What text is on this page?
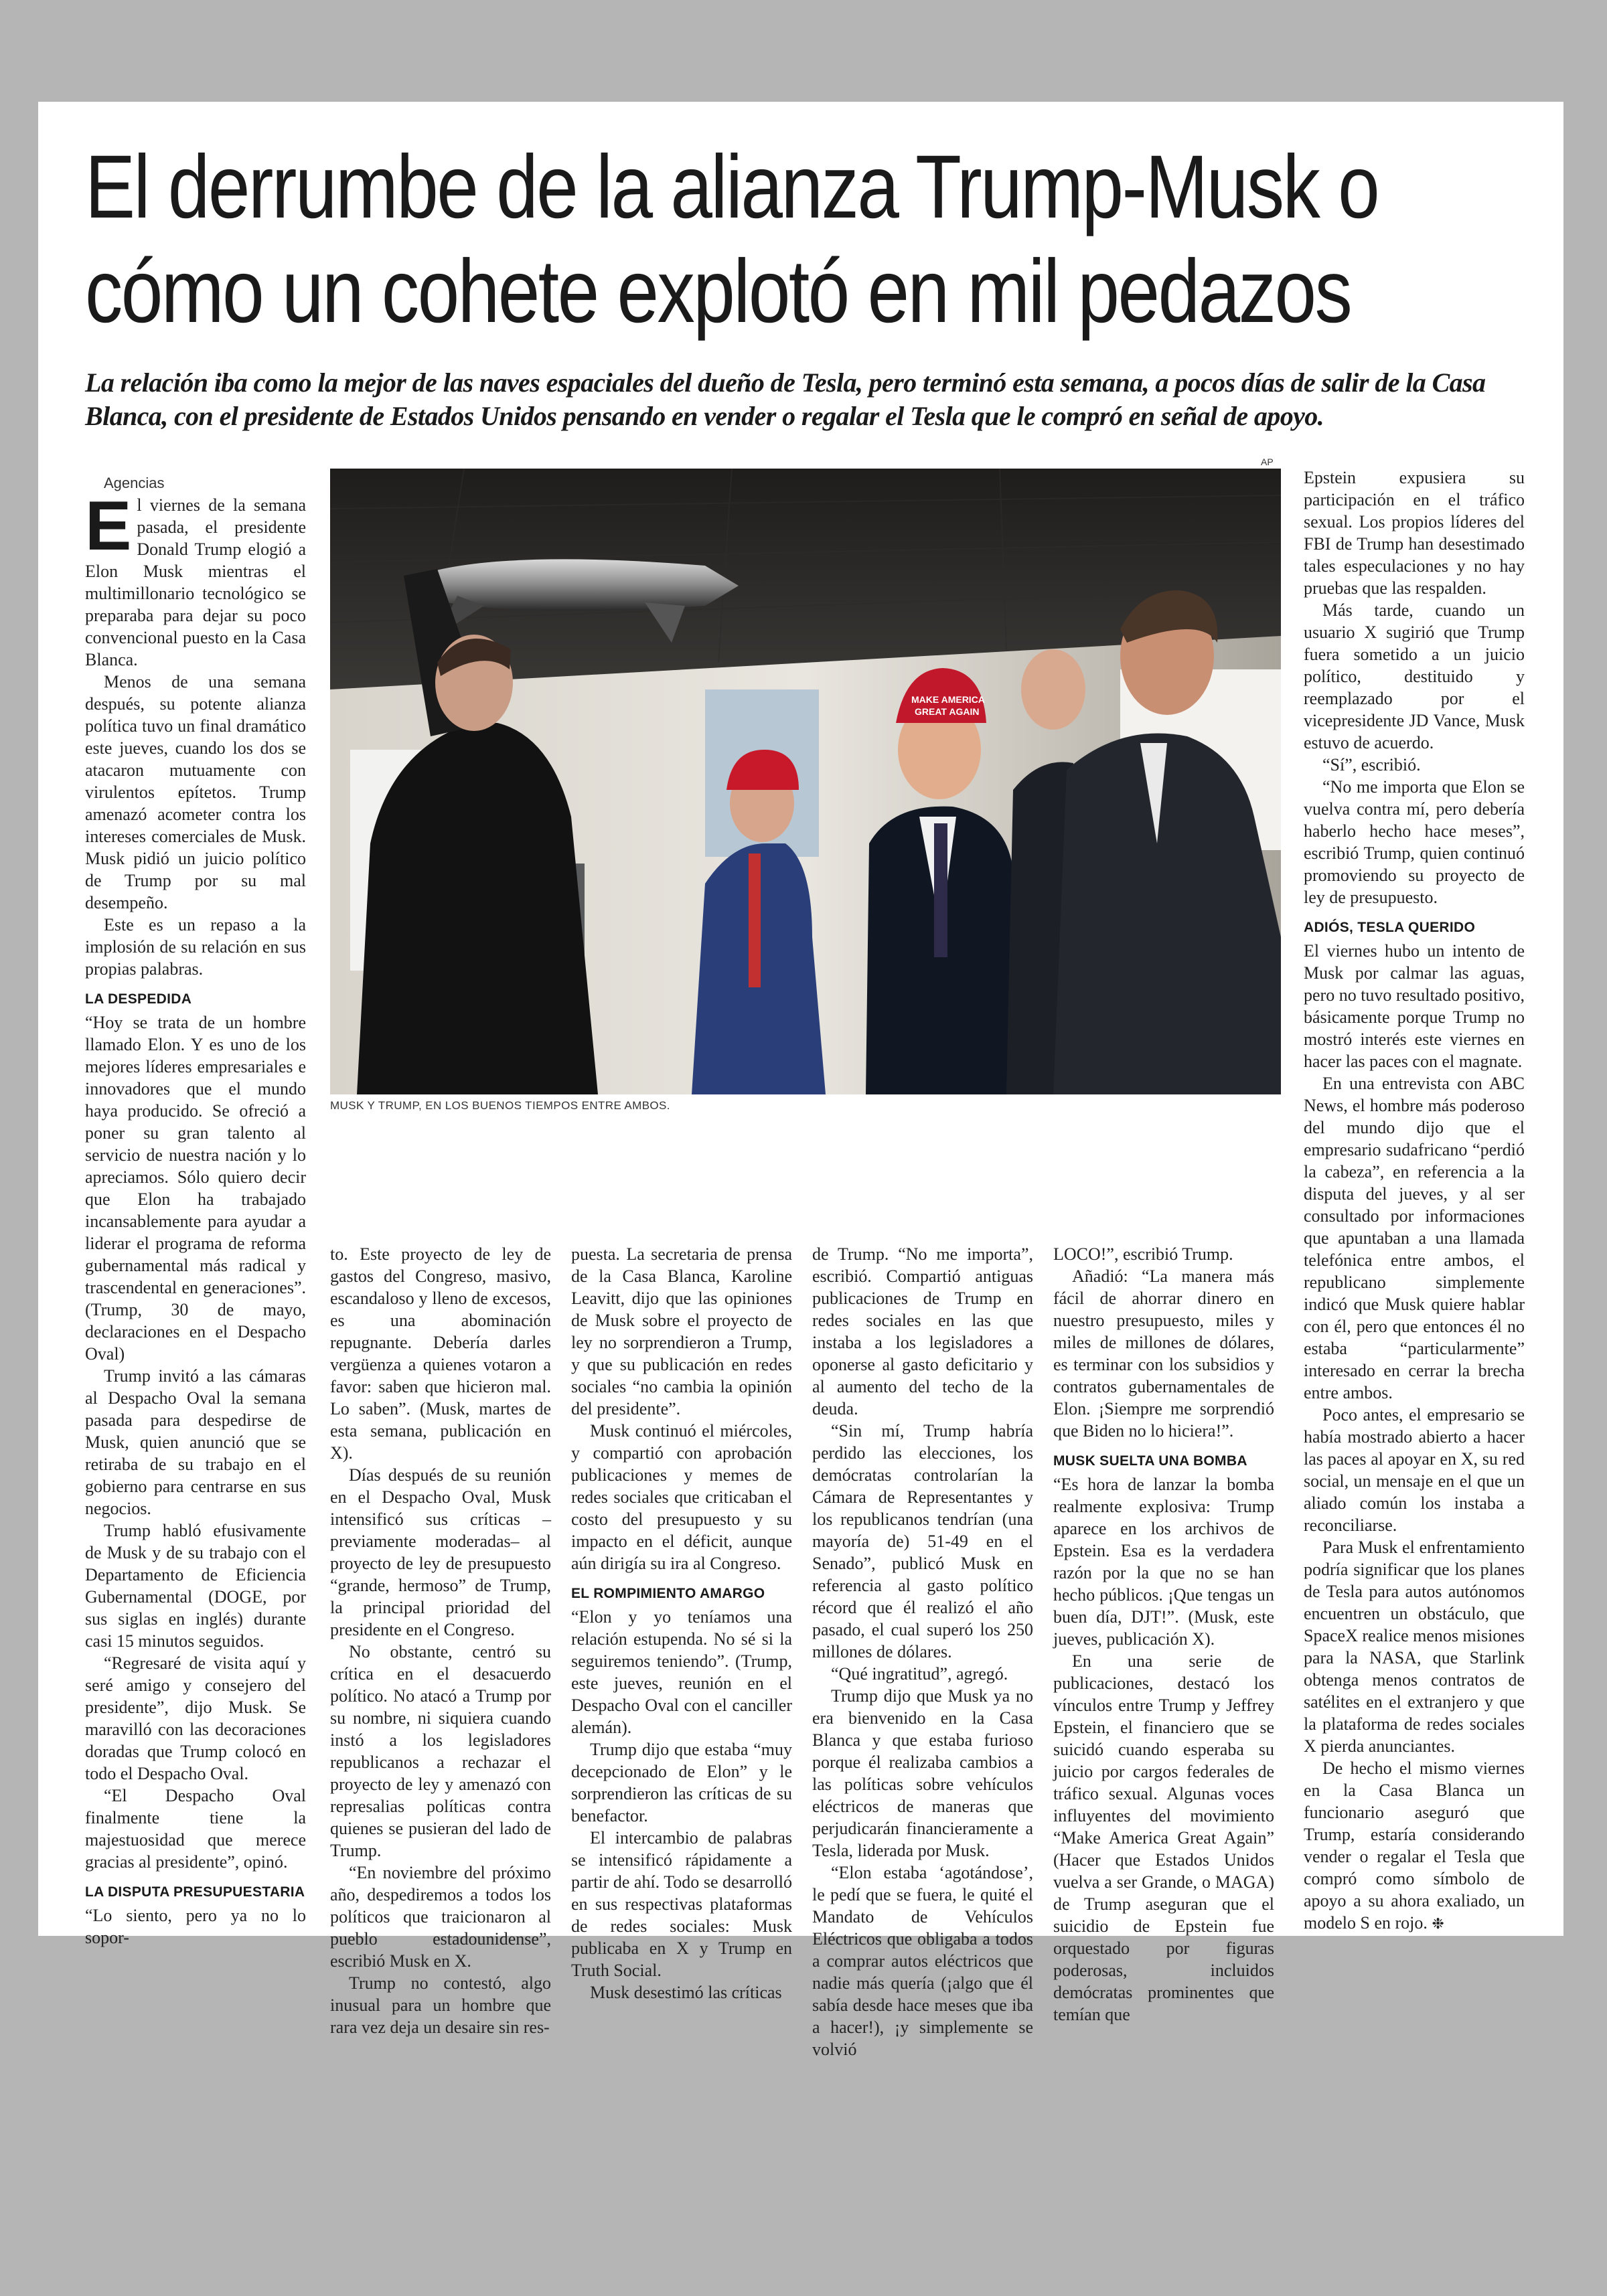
El derrumbe de la alianza Trump-Musk o
cómo un cohete explotó en mil pedazos

La relación iba como la mejor de las naves espaciales del dueño de Tesla, pero terminó esta semana, a pocos días de salir de la Casa Blanca, con el presidente de Estados Unidos pensando en vender o regalar el Tesla que le compró en señal de apoyo.

Agencias

El viernes de la semana pasada, el presidente Donald Trump elogió a Elon Musk mientras el multimillonario tecnológico se preparaba para dejar su poco convencional puesto en la Casa Blanca.

Menos de una semana después, su potente alianza política tuvo un final dramático este jueves, cuando los dos se atacaron mutuamente con virulentos epítetos. Trump amenazó acometer contra los intereses comerciales de Musk. Musk pidió un juicio político de Trump por su mal desempeño.

Este es un repaso a la implosión de su relación en sus propias palabras.

LA DESPEDIDA

“Hoy se trata de un hombre llamado Elon. Y es uno de los mejores líderes empresariales e innovadores que el mundo haya producido. Se ofreció a poner su gran talento al servicio de nuestra nación y lo apreciamos. Sólo quiero decir que Elon ha trabajado incansablemente para ayudar a liderar el programa de reforma gubernamental más radical y trascendental en generaciones”. (Trump, 30 de mayo, declaraciones en el Despacho Oval)

Trump invitó a las cámaras al Despacho Oval la semana pasada para despedirse de Musk, quien anunció que se retiraba de su trabajo en el gobierno para centrarse en sus negocios.

Trump habló efusivamente de Musk y de su trabajo con el Departamento de Eficiencia Gubernamental (DOGE, por sus siglas en inglés) durante casi 15 minutos seguidos.

“Regresaré de visita aquí y seré amigo y consejero del presidente”, dijo Musk. Se maravilló con las decoraciones doradas que Trump colocó en todo el Despacho Oval.

“El Despacho Oval finalmente tiene la majestuosidad que merece gracias al presidente”, opinó.

LA DISPUTA PRESUPUESTARIA

“Lo siento, pero ya no lo sopor-

AP
MAKE AMERICA
GREAT AGAIN
MUSK Y TRUMP, EN LOS BUENOS TIEMPOS ENTRE AMBOS.

to. Este proyecto de ley de gastos del Congreso, masivo, escandaloso y lleno de excesos, es una abominación repugnante. Debería darles vergüenza a quienes votaron a favor: saben que hicieron mal. Lo saben”. (Musk, martes de esta semana, publicación en X).

Días después de su reunión en el Despacho Oval, Musk intensificó sus críticas –previamente moderadas– al proyecto de ley de presupuesto “grande, hermoso” de Trump, la principal prioridad del presidente en el Congreso.

No obstante, centró su crítica en el desacuerdo político. No atacó a Trump por su nombre, ni siquiera cuando instó a los legisladores republicanos a rechazar el proyecto de ley y amenazó con represalias políticas contra quienes se pusieran del lado de Trump.

“En noviembre del próximo año, despediremos a todos los políticos que traicionaron al pueblo estadounidense”, escribió Musk en X.

Trump no contestó, algo inusual para un hombre que rara vez deja un desaire sin res-

puesta. La secretaria de prensa de la Casa Blanca, Karoline Leavitt, dijo que las opiniones de Musk sobre el proyecto de ley no sorprendieron a Trump, y que su publicación en redes sociales “no cambia la opinión del presidente”.

Musk continuó el miércoles, y compartió con aprobación publicaciones y memes de redes sociales que criticaban el costo del presupuesto y su impacto en el déficit, aunque aún dirigía su ira al Congreso.

EL ROMPIMIENTO AMARGO

“Elon y yo teníamos una relación estupenda. No sé si la seguiremos teniendo”. (Trump, este jueves, reunión en el Despacho Oval con el canciller alemán).

Trump dijo que estaba “muy decepcionado de Elon” y le sorprendieron las críticas de su benefactor.

El intercambio de palabras se intensificó rápidamente a partir de ahí. Todo se desarrolló en sus respectivas plataformas de redes sociales: Musk publicaba en X y Trump en Truth Social.

Musk desestimó las críticas

de Trump. “No me importa”, escribió. Compartió antiguas publicaciones de Trump en redes sociales en las que instaba a los legisladores a oponerse al gasto deficitario y al aumento del techo de la deuda.

“Sin mí, Trump habría perdido las elecciones, los demócratas controlarían la Cámara de Representantes y los republicanos tendrían (una mayoría de) 51-49 en el Senado”, publicó Musk en referencia al gasto político récord que él realizó el año pasado, el cual superó los 250 millones de dólares.

“Qué ingratitud”, agregó.

Trump dijo que Musk ya no era bienvenido en la Casa Blanca y que estaba furioso porque él realizaba cambios a las políticas sobre vehículos eléctricos de maneras que perjudicarán financieramente a Tesla, liderada por Musk.

“Elon estaba ‘agotándose’, le pedí que se fuera, le quité el Mandato de Vehículos Eléctricos que obligaba a todos a comprar autos eléctricos que nadie más quería (¡algo que él sabía desde hace meses que iba a hacer!), ¡y simplemente se volvió

LOCO!”, escribió Trump.

Añadió: “La manera más fácil de ahorrar dinero en nuestro presupuesto, miles y miles de millones de dólares, es terminar con los subsidios y contratos gubernamentales de Elon. ¡Siempre me sorprendió que Biden no lo hiciera!”.

MUSK SUELTA UNA BOMBA

“Es hora de lanzar la bomba realmente explosiva: Trump aparece en los archivos de Epstein. Esa es la verdadera razón por la que no se han hecho públicos. ¡Que tengas un buen día, DJT!”. (Musk, este jueves, publicación X).

En una serie de publicaciones, destacó los vínculos entre Trump y Jeffrey Epstein, el financiero que se suicidó cuando esperaba su juicio por cargos federales de tráfico sexual. Algunas voces influyentes del movimiento “Make America Great Again” (Hacer que Estados Unidos vuelva a ser Grande, o MAGA) de Trump aseguran que el suicidio de Epstein fue orquestado por figuras poderosas, incluidos demócratas prominentes que temían que

Epstein expusiera su participación en el tráfico sexual. Los propios líderes del FBI de Trump han desestimado tales especulaciones y no hay pruebas que las respalden.

Más tarde, cuando un usuario X sugirió que Trump fuera sometido a un juicio político, destituido y reemplazado por el vicepresidente JD Vance, Musk estuvo de acuerdo.

“Sí”, escribió.

“No me importa que Elon se vuelva contra mí, pero debería haberlo hecho hace meses”, escribió Trump, quien continuó promoviendo su proyecto de ley de presupuesto.

ADIÓS, TESLA QUERIDO

El viernes hubo un intento de Musk por calmar las aguas, pero no tuvo resultado positivo, básicamente porque Trump no mostró interés este viernes en hacer las paces con el magnate.

En una entrevista con ABC News, el hombre más poderoso del mundo dijo que el empresario sudafricano “perdió la cabeza”, en referencia a la disputa del jueves, y al ser consultado por informaciones que apuntaban a una llamada telefónica entre ambos, el republicano simplemente indicó que Musk quiere hablar con él, pero que entonces él no estaba “particularmente” interesado en cerrar la brecha entre ambos.

Poco antes, el empresario se había mostrado abierto a hacer las paces al apoyar en X, su red social, un mensaje en el que un aliado común los instaba a reconciliarse.

Para Musk el enfrentamiento podría significar que los planes de Tesla para autos autónomos encuentren un obstáculo, que SpaceX realice menos misiones para la NASA, que Starlink obtenga menos contratos de satélites en el extranjero y que la plataforma de redes sociales X pierda anunciantes.

De hecho el mismo viernes en la Casa Blanca un funcionario aseguró que Trump, estaría considerando vender o regalar el Tesla que compró como símbolo de apoyo a su ahora exaliado, un modelo S en rojo. ❉
